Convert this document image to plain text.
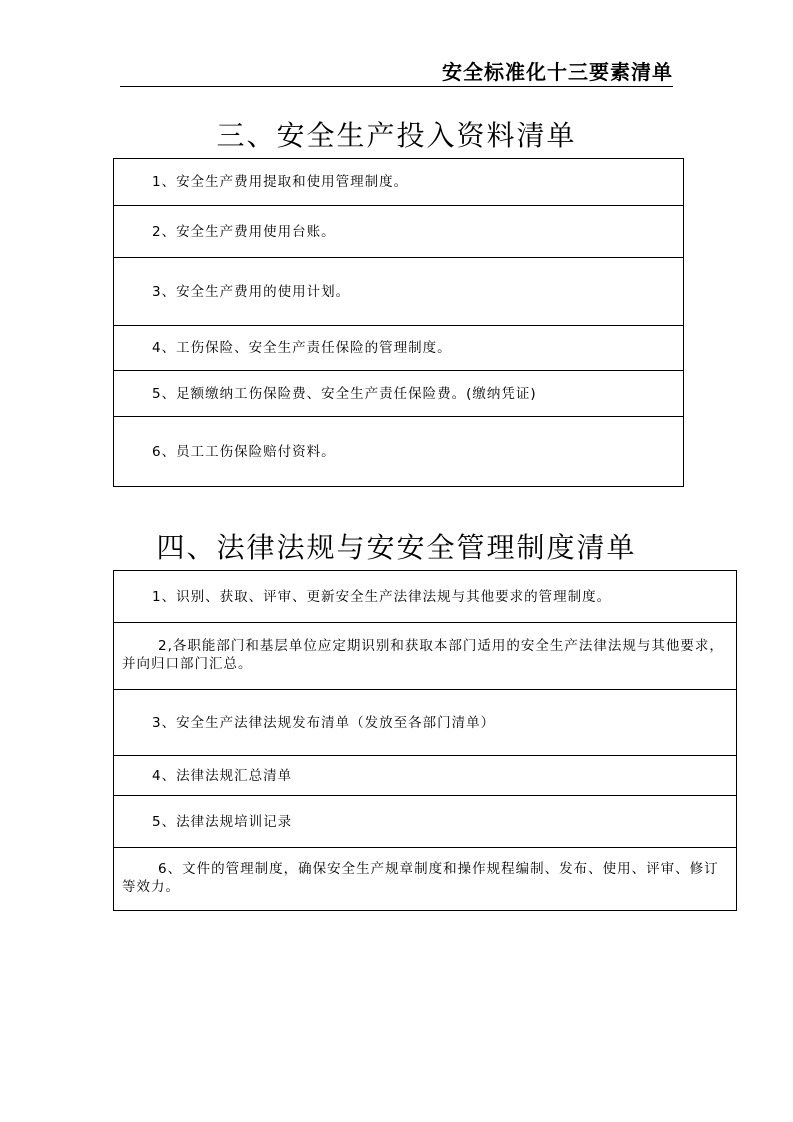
安全标准化十三要素清单
三、安全生产投入资料清单
1、安全生产费用提取和使用管理制度。

2、安全生产费用使用台账。

3、安全生产费用的使用计划。

4、工伤保险、安全生产责任保险的管理制度。

5、足额缴纳工伤保险费、安全生产责任保险费。(缴纳凭证)

6、员工工伤保险赔付资料。
四、法律法规与安安全管理制度清单
1、识别、获取、评审、更新安全生产法律法规与其他要求的管理制度。

2,各职能部门和基层单位应定期识别和获取本部门适用的安全生产法律法规与其他要求，并向归口部门汇总。

3、安全生产法律法规发布清单（发放至各部门清单）

4、法律法规汇总清单

5、法律法规培训记录

6、文件的管理制度，确保安全生产规章制度和操作规程编制、发布、使用、评审、修订等效力。
